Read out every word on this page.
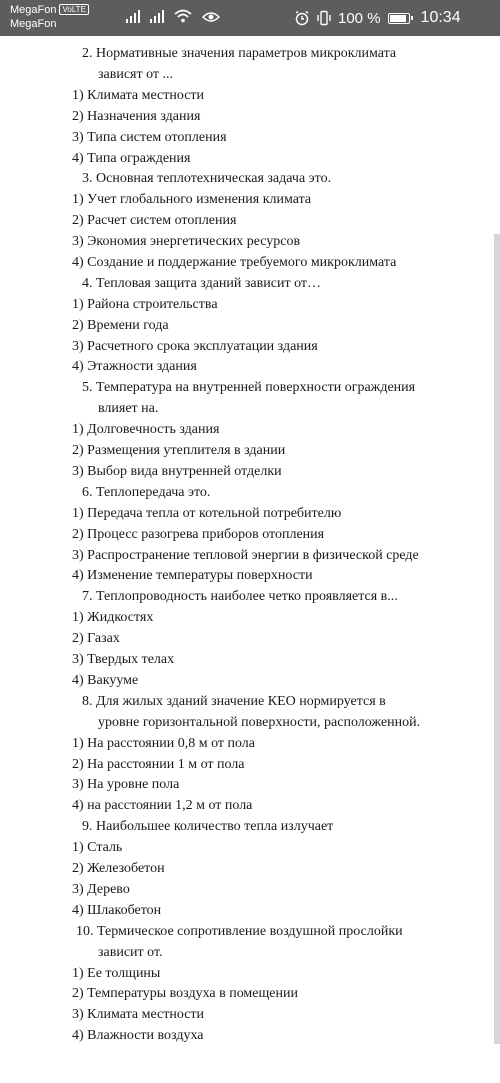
MegaFon VoLTE
MegaFon	100 %	10:34
2. Нормативные значения параметров микроклимата
зависят от ...
1) Климата местности
2) Назначения здания
3) Типа систем отопления
4) Типа ограждения
3. Основная теплотехническая задача это.
1) Учет глобального изменения климата
2) Расчет систем отопления
3) Экономия энергетических ресурсов
4) Создание и поддержание требуемого микроклимата
4. Тепловая защита зданий зависит от…
1) Района строительства
2) Времени года
3) Расчетного срока эксплуатации здания
4) Этажности здания
5. Температура на внутренней поверхности ограждения
влияет на.
1) Долговечность здания
2) Размещения утеплителя в здании
3) Выбор вида внутренней отделки
6. Теплопередача это.
1) Передача тепла от котельной потребителю
2) Процесс разогрева приборов отопления
3) Распространение тепловой энергии в физической среде
4) Изменение температуры поверхности
7. Теплопроводность наиболее четко проявляется в...
1) Жидкостях
2) Газах
3) Твердых телах
4) Вакууме
8. Для жилых зданий значение КЕО нормируется в
уровне горизонтальной поверхности, расположенной.
1) На расстоянии 0,8 м от пола
2) На расстоянии 1 м от пола
3) На уровне пола
4) на расстоянии 1,2 м от пола
9. Наибольшее количество тепла излучает
1) Сталь
2) Железобетон
3) Дерево
4) Шлакобетон
10. Термическое сопротивление воздушной прослойки
зависит от.
1) Ее толщины
2) Температуры воздуха в помещении
3) Климата местности
4) Влажности воздуха
